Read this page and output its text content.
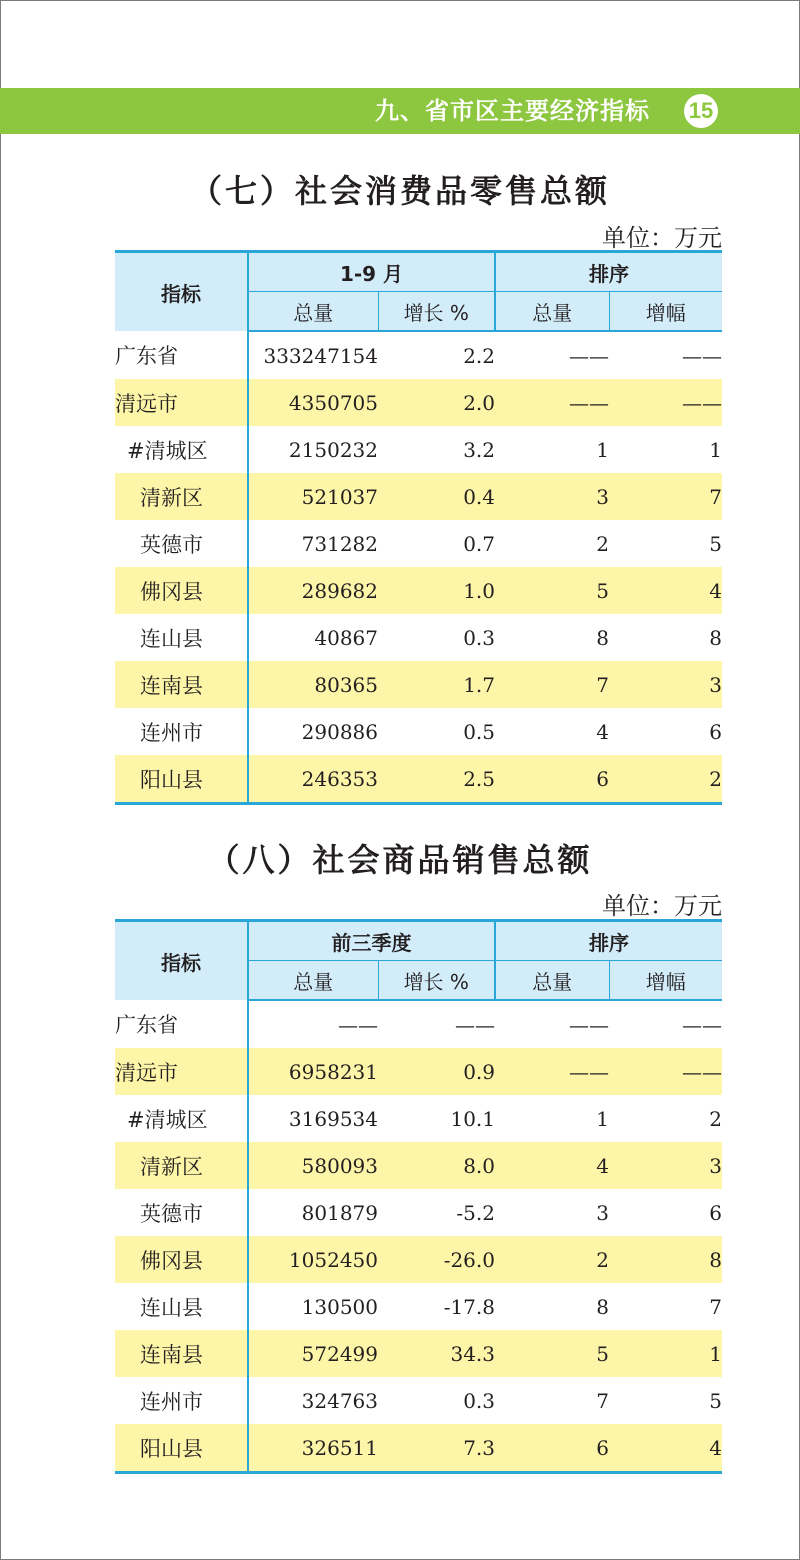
九、省市区主要经济指标 15
（七）社会消费品零售总额
单位：万元
指标	1-9 月		排序	
	总量	增长 %	总量	增幅
广东省	333247154	2.2	——	——
清远市	4350705	2.0	——	——
#清城区	2150232	3.2	1	1
清新区	521037	0.4	3	7
英德市	731282	0.7	2	5
佛冈县	289682	1.0	5	4
连山县	40867	0.3	8	8
连南县	80365	1.7	7	3
连州市	290886	0.5	4	6
阳山县	246353	2.5	6	2
（八）社会商品销售总额
单位：万元
指标	前三季度		排序	
	总量	增长 %	总量	增幅
广东省	——	——	——	——
清远市	6958231	0.9	——	——
#清城区	3169534	10.1	1	2
清新区	580093	8.0	4	3
英德市	801879	-5.2	3	6
佛冈县	1052450	-26.0	2	8
连山县	130500	-17.8	8	7
连南县	572499	34.3	5	1
连州市	324763	0.3	7	5
阳山县	326511	7.3	6	4
